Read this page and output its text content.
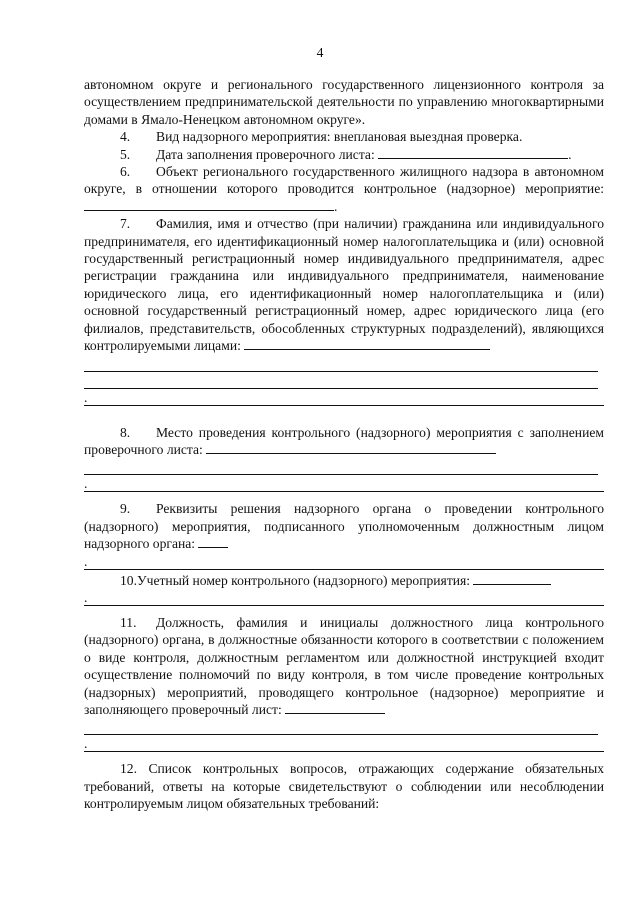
4

автономном округе и регионального государственного лицензионного контроля за осуществлением предпринимательской деятельности по управлению многоквартирными домами в Ямало-Ненецком автономном округе».

4. Вид надзорного мероприятия: внеплановая выездная проверка.

5. Дата заполнения проверочного листа:	.

6. Объект регионального государственного жилищного надзора в автономном округе, в отношении которого проводится контрольное (надзорное) мероприятие: .

7. Фамилия, имя и отчество (при наличии) гражданина или индивидуального предпринимателя, его идентификационный номер налогоплательщика и (или) основной государственный регистрационный номер индивидуального предпринимателя, адрес регистрации гражданина или индивидуального предпринимателя, наименование юридического лица, его идентификационный номер налогоплательщика и (или) основной государственный регистрационный номер, адрес юридического лица (его филиалов, представительств, обособленных структурных подразделений), являющихся контролируемыми лицами:

.

8. Место проведения контрольного (надзорного) мероприятия с заполнением проверочного листа:

.

9. Реквизиты решения надзорного органа о проведении контрольного (надзорного) мероприятия, подписанного уполномоченным должностным лицом надзорного органа:

.

10.Учетный номер контрольного (надзорного) мероприятия:

.

11. Должность, фамилия и инициалы должностного лица контрольного (надзорного) органа, в должностные обязанности которого в соответствии с положением о виде контроля, должностным регламентом или должностной инструкцией входит осуществление полномочий по виду контроля, в том числе проведение контрольных (надзорных) мероприятий, проводящего контрольное (надзорное) мероприятие и заполняющего проверочный лист:

.

12. Список контрольных вопросов, отражающих содержание обязательных требований, ответы на которые свидетельствуют о соблюдении или несоблюдении контролируемым лицом обязательных требований:
